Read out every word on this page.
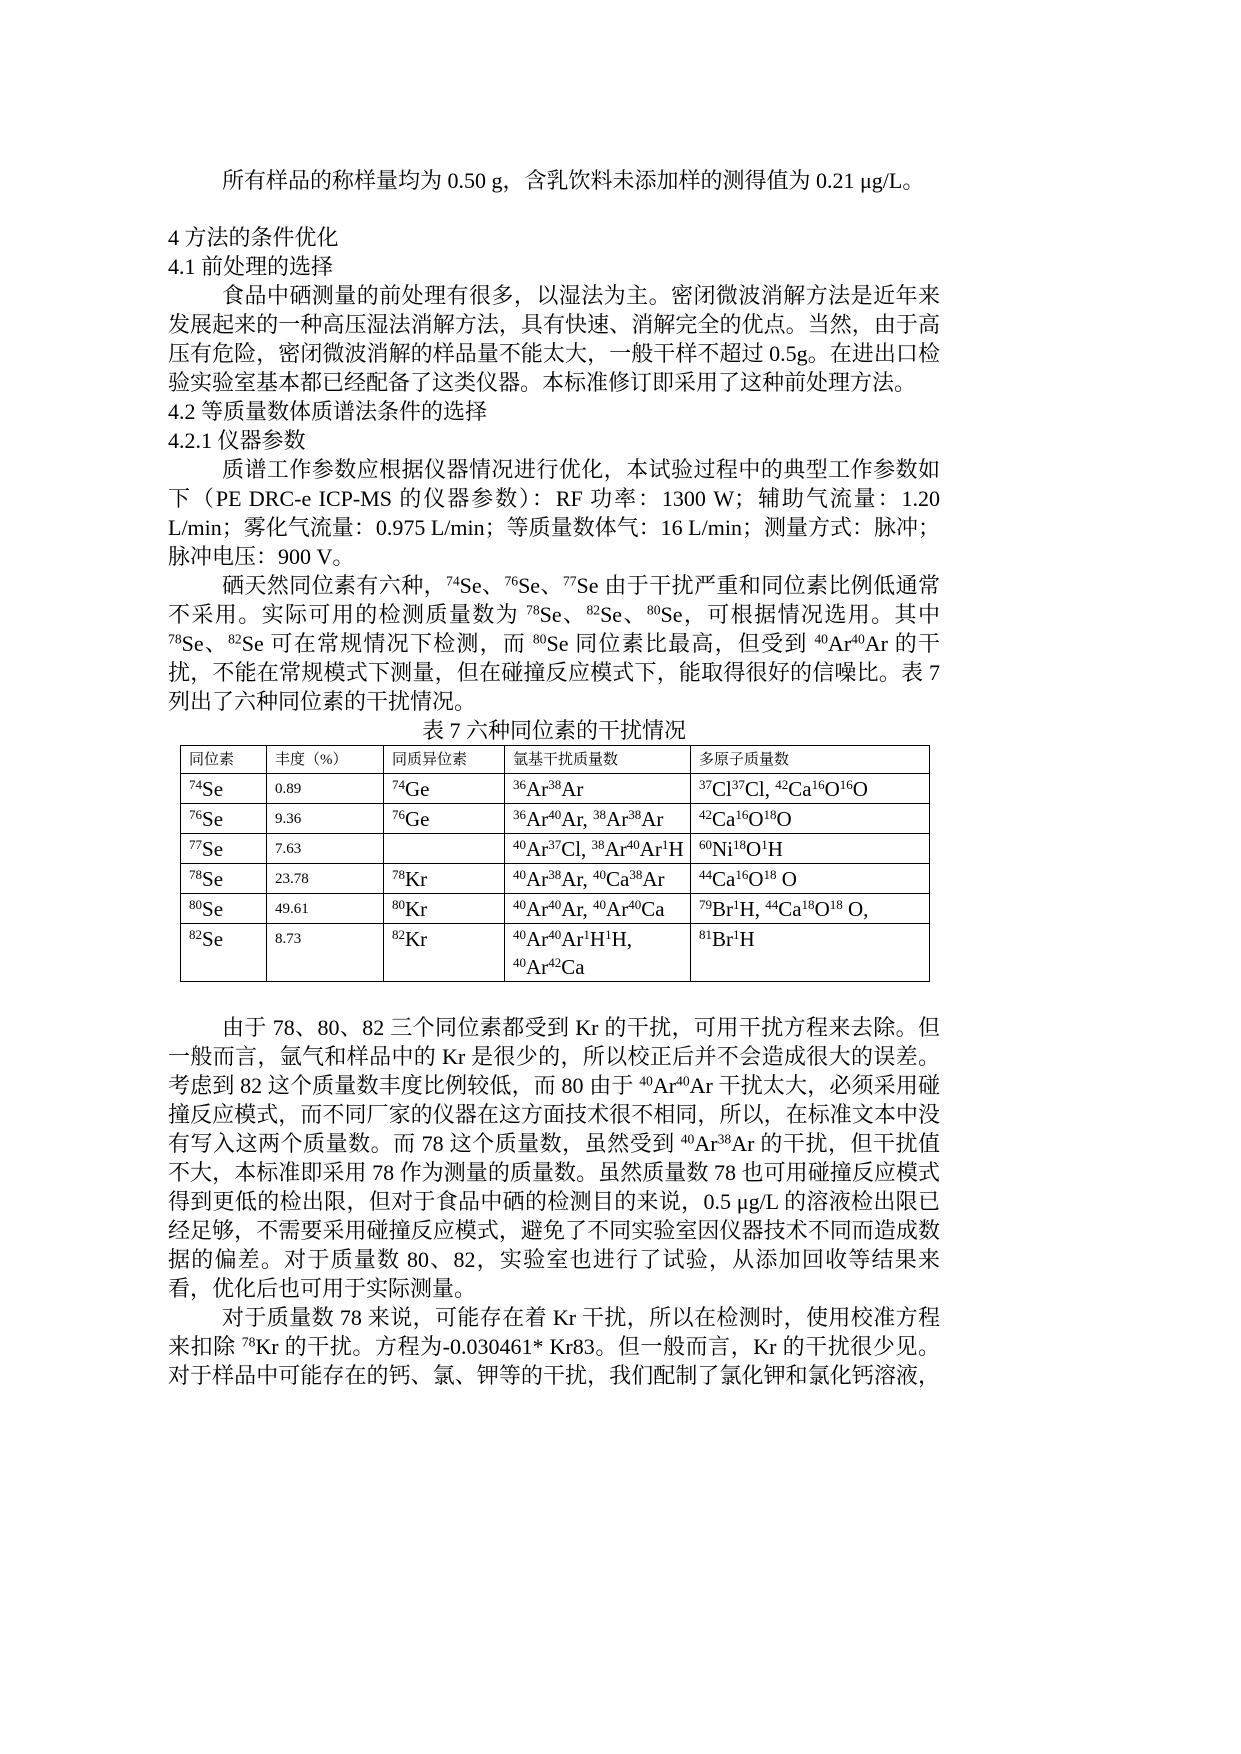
所有样品的称样量均为 0.50 g，含乳饮料未添加样的测得值为 0.21 μg/L。

4 方法的条件优化
4.1 前处理的选择

食品中硒测量的前处理有很多，以湿法为主。密闭微波消解方法是近年来发展起来的一种高压湿法消解方法，具有快速、消解完全的优点。当然，由于高压有危险，密闭微波消解的样品量不能太大，一般干样不超过 0.5g。在进出口检验实验室基本都已经配备了这类仪器。本标准修订即采用了这种前处理方法。

4.2 等质量数体质谱法条件的选择
4.2.1 仪器参数

质谱工作参数应根据仪器情况进行优化，本试验过程中的典型工作参数如下（PE DRC-e ICP-MS 的仪器参数）：RF 功率：1300 W；辅助气流量：1.20 L/min；雾化气流量：0.975 L/min；等质量数体气：16 L/min；测量方式：脉冲；脉冲电压：900 V。

硒天然同位素有六种，$^{74}$Se、$^{76}$Se、$^{77}$Se 由于干扰严重和同位素比例低通常不采用。实际可用的检测质量数为 $^{78}$Se、$^{82}$Se、$^{80}$Se，可根据情况选用。其中 $^{78}$Se、$^{82}$Se 可在常规情况下检测，而 $^{80}$Se 同位素比最高，但受到 $^{40}$Ar$^{40}$Ar 的干扰，不能在常规模式下测量，但在碰撞反应模式下，能取得很好的信噪比。表 7 列出了六种同位素的干扰情况。

表 7 六种同位素的干扰情况
同位素	丰度（%）	同质异位素	氩基干扰质量数	多原子质量数
$^{74}$Se	0.89	$^{74}$Ge	$^{36}$Ar$^{38}$Ar	$^{37}$Cl$^{37}$Cl, $^{42}Ca^{16}O^{16}O$
$^{76}$Se	9.36	$^{76}$Ge	$^{36}$Ar$^{40}$Ar, $^{38}$Ar$^{38}$Ar	$^{42}Ca^{16}O^{18}O$
$^{77}$Se	7.63		$^{40}$Ar$^{37}$Cl, $^{38}$Ar$^{40}$Ar$^1$H	$^{60}Ni^{18}O^1H$
$^{78}$Se	23.78	$^{78}$Kr	$^{40}$Ar$^{38}$Ar, $^{40}$Ca$^{38}$Ar	$^{44}Ca^{16}O^{18}$ O
$^{80}$Se	49.61	$^{80}$Kr	$^{40}$Ar$^{40}$Ar, $^{40}$Ar$^{40}$Ca	$^{79}$Br$^1$H, $^{44}Ca^{18}O^{18}$ O,
$^{82}$Se	8.73	$^{82}$Kr	$^{40}Ar^{40}Ar^1H^1H$, $^{40}$Ar$^{42}$Ca	$^{81}$Br$^1$H

由于 78、80、82 三个同位素都受到 Kr 的干扰，可用干扰方程来去除。但一般而言，氩气和样品中的 Kr 是很少的，所以校正后并不会造成很大的误差。考虑到 82 这个质量数丰度比例较低，而 80 由于 $^{40}$Ar$^{40}$Ar 干扰太大，必须采用碰撞反应模式，而不同厂家的仪器在这方面技术很不相同，所以，在标准文本中没有写入这两个质量数。而 78 这个质量数，虽然受到 $^{40}$Ar$^{38}$Ar 的干扰，但干扰值不大，本标准即采用 78 作为测量的质量数。虽然质量数 78 也可用碰撞反应模式得到更低的检出限，但对于食品中硒的检测目的来说，0.5 μg/L 的溶液检出限已经足够，不需要采用碰撞反应模式，避免了不同实验室因仪器技术不同而造成数据的偏差。对于质量数 80、82，实验室也进行了试验，从添加回收等结果来看，优化后也可用于实际测量。

对于质量数 78 来说，可能存在着 Kr 干扰，所以在检测时，使用校准方程来扣除 $^{78}$Kr 的干扰。方程为-0.030461* Kr83。但一般而言，Kr 的干扰很少见。对于样品中可能存在的钙、氯、钾等的干扰，我们配制了氯化钾和氯化钙溶液，
